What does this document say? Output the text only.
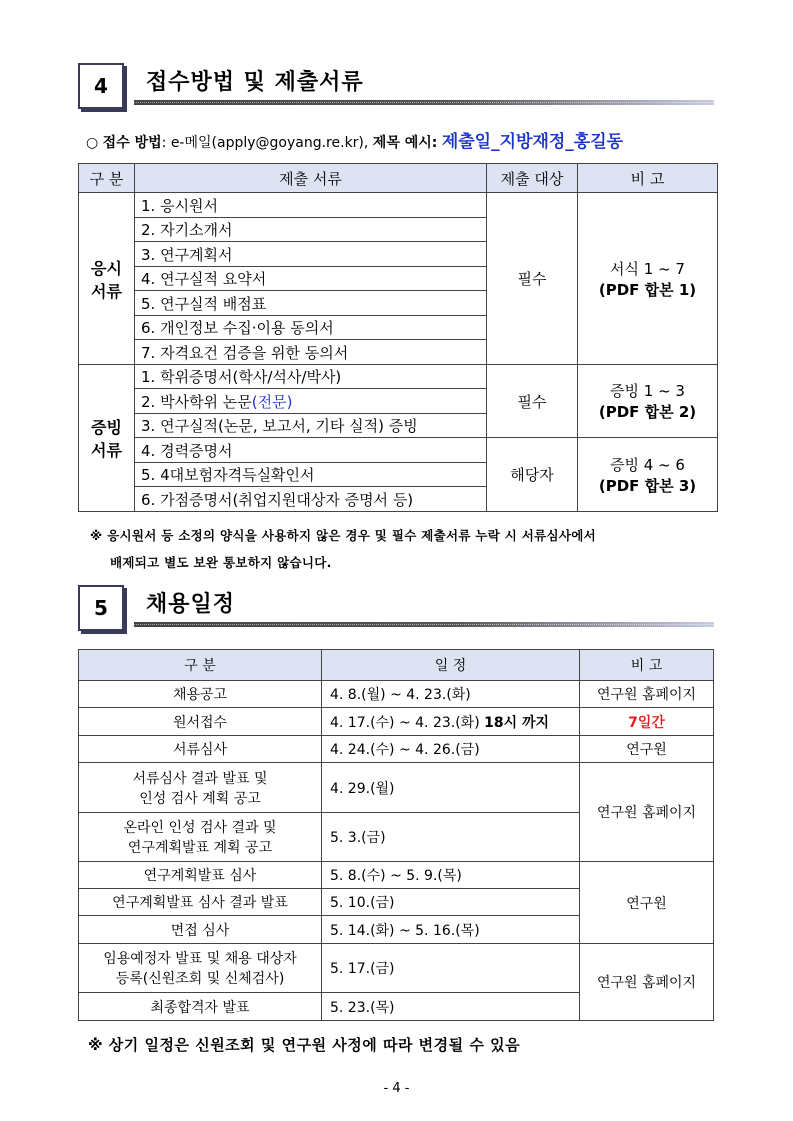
4	접수방법 및 제출서류
○ 접수 방법: e-메일(apply@goyang.re.kr), 제목 예시: 제출일_지방재정_홍길동
구 분	제출 서류	제출 대상	비 고
응시
서류	1. 응시원서	필수	서식 1 ~ 7
(PDF 합본 1)
	2. 자기소개서		
	3. 연구계획서		
	4. 연구실적 요약서		
	5. 연구실적 배점표		
	6. 개인정보 수집·이용 동의서		
	7. 자격요건 검증을 위한 동의서		
증빙
서류	1. 학위증명서(학사/석사/박사)	필수	증빙 1 ~ 3
(PDF 합본 2)
	2. 박사학위 논문(전문)		
	3. 연구실적(논문, 보고서, 기타 실적) 증빙		
	4. 경력증명서	해당자	증빙 4 ~ 6
(PDF 합본 3)
	5. 4대보험자격득실확인서		
	6. 가점증명서(취업지원대상자 증명서 등)		
※ 응시원서 등 소정의 양식을 사용하지 않은 경우 및 필수 제출서류 누락 시 서류심사에서
배제되고 별도 보완 통보하지 않습니다.
5	채용일정
구 분	일 정	비 고
채용공고	4. 8.(월) ~ 4. 23.(화)	연구원 홈페이지
원서접수	4. 17.(수) ~ 4. 23.(화) 18시 까지	7일간
서류심사	4. 24.(수) ~ 4. 26.(금)	연구원
서류심사 결과 발표 및
인성 검사 계획 공고	4. 29.(월)	연구원 홈페이지
온라인 인성 검사 결과 및
연구계획발표 계획 공고	5. 3.(금)	
연구계획발표 심사	5. 8.(수) ~ 5. 9.(목)	연구원
연구계획발표 심사 결과 발표	5. 10.(금)	
면접 심사	5. 14.(화) ~ 5. 16.(목)	
임용예정자 발표 및 채용 대상자
등록(신원조회 및 신체검사)	5. 17.(금)	연구원 홈페이지
최종합격자 발표	5. 23.(목)	
※ 상기 일정은 신원조회 및 연구원 사정에 따라 변경될 수 있음
- 4 -
